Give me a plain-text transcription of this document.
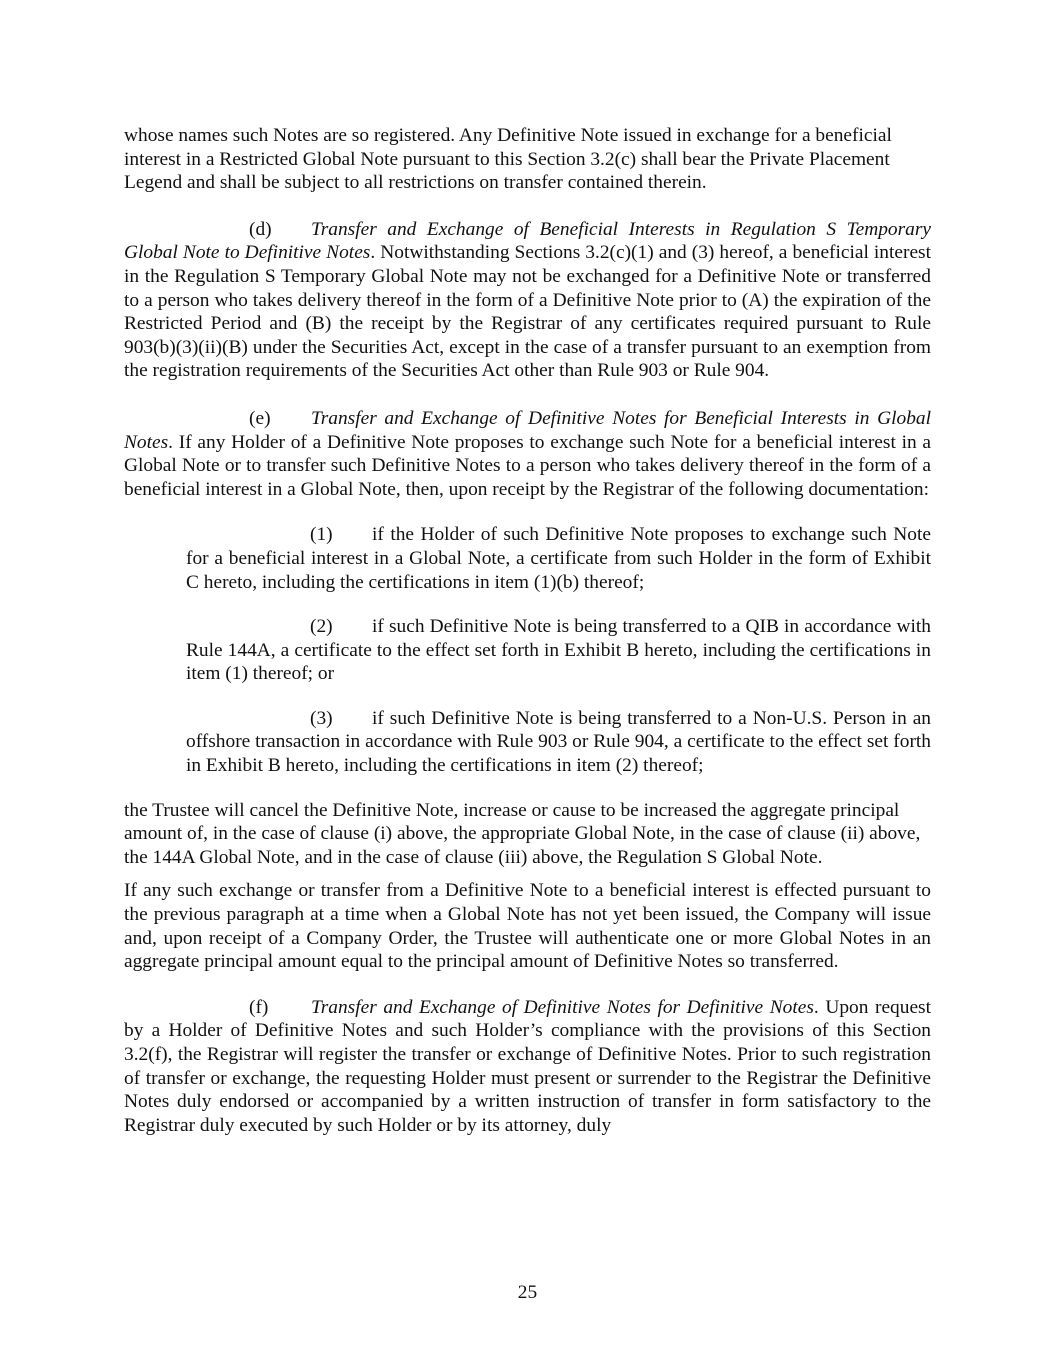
whose names such Notes are so registered. Any Definitive Note issued in exchange for a beneficial interest in a Restricted Global Note pursuant to this Section 3.2(c) shall bear the Private Placement Legend and shall be subject to all restrictions on transfer contained therein.

(d) Transfer and Exchange of Beneficial Interests in Regulation S Temporary Global Note to Definitive Notes. Notwithstanding Sections 3.2(c)(1) and (3) hereof, a beneficial interest in the Regulation S Temporary Global Note may not be exchanged for a Definitive Note or transferred to a person who takes delivery thereof in the form of a Definitive Note prior to (A) the expiration of the Restricted Period and (B) the receipt by the Registrar of any certificates required pursuant to Rule 903(b)(3)(ii)(B) under the Securities Act, except in the case of a transfer pursuant to an exemption from the registration requirements of the Securities Act other than Rule 903 or Rule 904.

(e) Transfer and Exchange of Definitive Notes for Beneficial Interests in Global Notes. If any Holder of a Definitive Note proposes to exchange such Note for a beneficial interest in a Global Note or to transfer such Definitive Notes to a person who takes delivery thereof in the form of a beneficial interest in a Global Note, then, upon receipt by the Registrar of the following documentation:

(1) if the Holder of such Definitive Note proposes to exchange such Note for a beneficial interest in a Global Note, a certificate from such Holder in the form of Exhibit C hereto, including the certifications in item (1)(b) thereof;

(2) if such Definitive Note is being transferred to a QIB in accordance with Rule 144A, a certificate to the effect set forth in Exhibit B hereto, including the certifications in item (1) thereof; or

(3) if such Definitive Note is being transferred to a Non-U.S. Person in an offshore transaction in accordance with Rule 903 or Rule 904, a certificate to the effect set forth in Exhibit B hereto, including the certifications in item (2) thereof;

the Trustee will cancel the Definitive Note, increase or cause to be increased the aggregate principal amount of, in the case of clause (i) above, the appropriate Global Note, in the case of clause (ii) above, the 144A Global Note, and in the case of clause (iii) above, the Regulation S Global Note.

If any such exchange or transfer from a Definitive Note to a beneficial interest is effected pursuant to the previous paragraph at a time when a Global Note has not yet been issued, the Company will issue and, upon receipt of a Company Order, the Trustee will authenticate one or more Global Notes in an aggregate principal amount equal to the principal amount of Definitive Notes so transferred.

(f) Transfer and Exchange of Definitive Notes for Definitive Notes. Upon request by a Holder of Definitive Notes and such Holder’s compliance with the provisions of this Section 3.2(f), the Registrar will register the transfer or exchange of Definitive Notes. Prior to such registration of transfer or exchange, the requesting Holder must present or surrender to the Registrar the Definitive Notes duly endorsed or accompanied by a written instruction of transfer in form satisfactory to the Registrar duly executed by such Holder or by its attorney, duly

25
